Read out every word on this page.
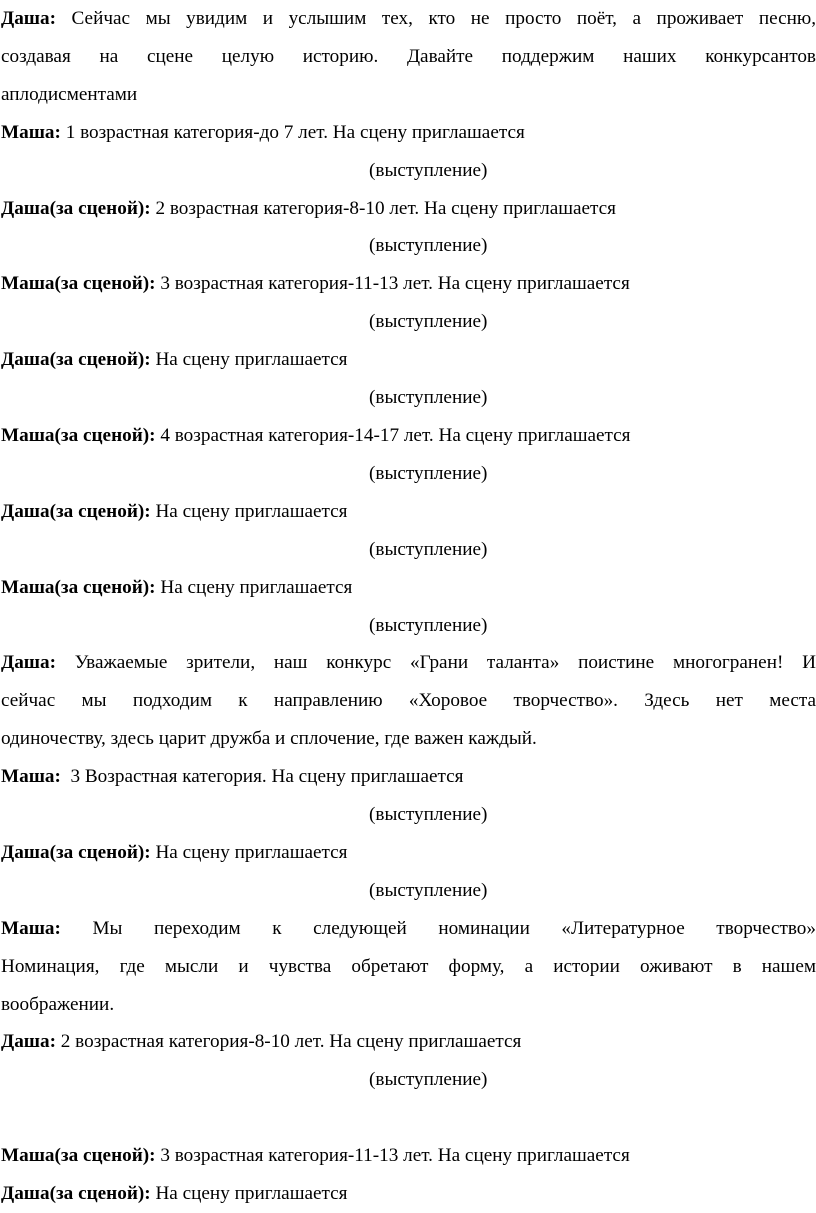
Даша: Сейчас мы увидим и услышим тех, кто не просто поёт, а проживает песню,

создавая на сцене целую историю. Давайте поддержим наших конкурсантов

аплодисментами

Маша: 1 возрастная категория-до 7 лет. На сцену приглашается

(выступление)

Даша(за сценой): 2 возрастная категория-8-10 лет. На сцену приглашается

(выступление)

Маша(за сценой): 3 возрастная категория-11-13 лет. На сцену приглашается

(выступление)

Даша(за сценой): На сцену приглашается

(выступление)

Маша(за сценой): 4 возрастная категория-14-17 лет. На сцену приглашается

(выступление)

Даша(за сценой): На сцену приглашается

(выступление)

Маша(за сценой): На сцену приглашается

(выступление)

Даша: Уважаемые зрители, наш конкурс «Грани таланта» поистине многогранен! И

сейчас мы подходим к направлению «Хоровое творчество». Здесь нет места

одиночеству, здесь царит дружба и сплочение, где важен каждый.

Маша:  3 Возрастная категория. На сцену приглашается

(выступление)

Даша(за сценой): На сцену приглашается

(выступление)

Маша: Мы переходим к следующей номинации «Литературное творчество»

Номинация, где мысли и чувства обретают форму, а истории оживают в нашем

воображении.

Даша: 2 возрастная категория-8-10 лет. На сцену приглашается

(выступление)

Маша(за сценой): 3 возрастная категория-11-13 лет. На сцену приглашается

Даша(за сценой): На сцену приглашается
